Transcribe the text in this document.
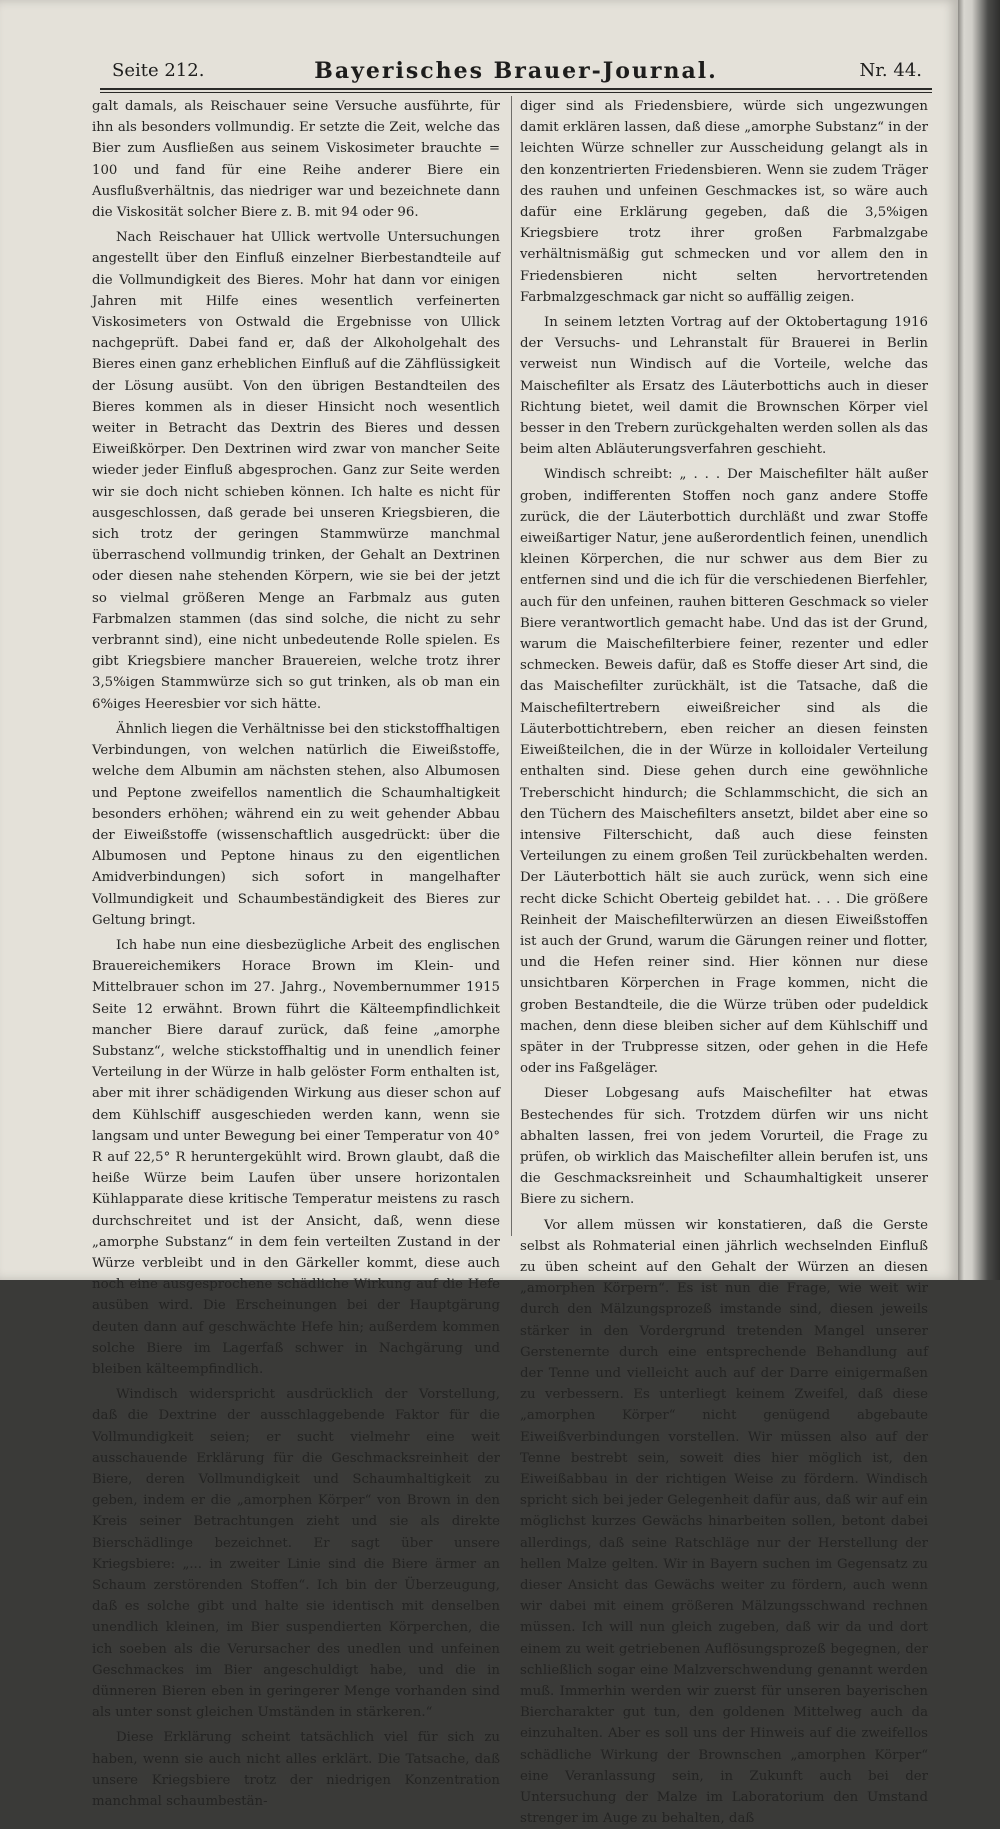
Seite 212.	Bayerisches Brauer-Journal.	Nr. 44.

galt damals, als Reischauer seine Versuche ausführte, für ihn als besonders vollmundig. Er setzte die Zeit, welche das Bier zum Ausfließen aus seinem Viskosimeter brauchte = 100 und fand für eine Reihe anderer Biere ein Ausflußverhältnis, das niedriger war und bezeichnete dann die Viskosität solcher Biere z. B. mit 94 oder 96.

Nach Reischauer hat Ullick wertvolle Untersuchungen angestellt über den Einfluß einzelner Bierbestandteile auf die Vollmundigkeit des Bieres. Mohr hat dann vor einigen Jahren mit Hilfe eines wesentlich verfeinerten Viskosimeters von Ostwald die Ergebnisse von Ullick nachgeprüft. Dabei fand er, daß der Alkoholgehalt des Bieres einen ganz erheblichen Einfluß auf die Zähflüssigkeit der Lösung ausübt. Von den übrigen Bestandteilen des Bieres kommen als in dieser Hinsicht noch wesentlich weiter in Betracht das Dextrin des Bieres und dessen Eiweißkörper. Den Dextrinen wird zwar von mancher Seite wieder jeder Einfluß abgesprochen. Ganz zur Seite werden wir sie doch nicht schieben können. Ich halte es nicht für ausgeschlossen, daß gerade bei unseren Kriegsbieren, die sich trotz der geringen Stammwürze manchmal überraschend vollmundig trinken, der Gehalt an Dextrinen oder diesen nahe stehenden Körpern, wie sie bei der jetzt so vielmal größeren Menge an Farbmalz aus guten Farbmalzen stammen (das sind solche, die nicht zu sehr verbrannt sind), eine nicht unbedeutende Rolle spielen. Es gibt Kriegsbiere mancher Brauereien, welche trotz ihrer 3,5%igen Stammwürze sich so gut trinken, als ob man ein 6%iges Heeresbier vor sich hätte.

Ähnlich liegen die Verhältnisse bei den stickstoffhaltigen Verbindungen, von welchen natürlich die Eiweißstoffe, welche dem Albumin am nächsten stehen, also Albumosen und Peptone zweifellos namentlich die Schaumhaltigkeit besonders erhöhen; während ein zu weit gehender Abbau der Eiweißstoffe (wissenschaftlich ausgedrückt: über die Albumosen und Peptone hinaus zu den eigentlichen Amidverbindungen) sich sofort in mangelhafter Vollmundigkeit und Schaumbeständigkeit des Bieres zur Geltung bringt.

Ich habe nun eine diesbezügliche Arbeit des englischen Brauereichemikers Horace Brown im Klein- und Mittelbrauer schon im 27. Jahrg., Novembernummer 1915 Seite 12 erwähnt. Brown führt die Kälteempfindlichkeit mancher Biere darauf zurück, daß feine „amorphe Substanz“, welche stickstoffhaltig und in unendlich feiner Verteilung in der Würze in halb gelöster Form enthalten ist, aber mit ihrer schädigenden Wirkung aus dieser schon auf dem Kühlschiff ausgeschieden werden kann, wenn sie langsam und unter Bewegung bei einer Temperatur von 40° R auf 22,5° R heruntergekühlt wird. Brown glaubt, daß die heiße Würze beim Laufen über unsere horizontalen Kühlapparate diese kritische Temperatur meistens zu rasch durchschreitet und ist der Ansicht, daß, wenn diese „amorphe Substanz“ in dem fein verteilten Zustand in der Würze verbleibt und in den Gärkeller kommt, diese auch noch eine ausgesprochene schädliche Wirkung auf die Hefe ausüben wird. Die Erscheinungen bei der Hauptgärung deuten dann auf geschwächte Hefe hin; außerdem kommen solche Biere im Lagerfaß schwer in Nachgärung und bleiben kälteempfindlich.

Windisch widerspricht ausdrücklich der Vorstellung, daß die Dextrine der ausschlaggebende Faktor für die Vollmundigkeit seien; er sucht vielmehr eine weit ausschauende Erklärung für die Geschmacksreinheit der Biere, deren Vollmundigkeit und Schaumhaltigkeit zu geben, indem er die „amorphen Körper“ von Brown in den Kreis seiner Betrachtungen zieht und sie als direkte Bierschädlinge bezeichnet. Er sagt über unsere Kriegsbiere: „... in zweiter Linie sind die Biere ärmer an Schaum zerstörenden Stoffen“. Ich bin der Überzeugung, daß es solche gibt und halte sie identisch mit denselben unendlich kleinen, im Bier suspendierten Körperchen, die ich soeben als die Verursacher des unedlen und unfeinen Geschmackes im Bier angeschuldigt habe, und die in dünneren Bieren eben in geringerer Menge vorhanden sind als unter sonst gleichen Umständen in stärkeren.“

Diese Erklärung scheint tatsächlich viel für sich zu haben, wenn sie auch nicht alles erklärt. Die Tatsache, daß unsere Kriegsbiere trotz der niedrigen Konzentration manchmal schaumbestän-

diger sind als Friedensbiere, würde sich ungezwungen damit erklären lassen, daß diese „amorphe Substanz“ in der leichten Würze schneller zur Ausscheidung gelangt als in den konzentrierten Friedensbieren. Wenn sie zudem Träger des rauhen und unfeinen Geschmackes ist, so wäre auch dafür eine Erklärung gegeben, daß die 3,5%igen Kriegsbiere trotz ihrer großen Farbmalzgabe verhältnismäßig gut schmecken und vor allem den in Friedensbieren nicht selten hervortretenden Farbmalzgeschmack gar nicht so auffällig zeigen.

In seinem letzten Vortrag auf der Oktobertagung 1916 der Versuchs- und Lehranstalt für Brauerei in Berlin verweist nun Windisch auf die Vorteile, welche das Maischefilter als Ersatz des Läuterbottichs auch in dieser Richtung bietet, weil damit die Brownschen Körper viel besser in den Trebern zurückgehalten werden sollen als das beim alten Abläuterungsverfahren geschieht.

Windisch schreibt: „ . . . Der Maischefilter hält außer groben, indifferenten Stoffen noch ganz andere Stoffe zurück, die der Läuterbottich durchläßt und zwar Stoffe eiweißartiger Natur, jene außerordentlich feinen, unendlich kleinen Körperchen, die nur schwer aus dem Bier zu entfernen sind und die ich für die verschiedenen Bierfehler, auch für den unfeinen, rauhen bitteren Geschmack so vieler Biere verantwortlich gemacht habe. Und das ist der Grund, warum die Maischefilterbiere feiner, rezenter und edler schmecken. Beweis dafür, daß es Stoffe dieser Art sind, die das Maischefilter zurückhält, ist die Tatsache, daß die Maischefiltertrebern eiweißreicher sind als die Läuterbottichtrebern, eben reicher an diesen feinsten Eiweißteilchen, die in der Würze in kolloidaler Verteilung enthalten sind. Diese gehen durch eine gewöhnliche Treberschicht hindurch; die Schlammschicht, die sich an den Tüchern des Maischefilters ansetzt, bildet aber eine so intensive Filterschicht, daß auch diese feinsten Verteilungen zu einem großen Teil zurückbehalten werden. Der Läuterbottich hält sie auch zurück, wenn sich eine recht dicke Schicht Oberteig gebildet hat. . . . Die größere Reinheit der Maischefilterwürzen an diesen Eiweißstoffen ist auch der Grund, warum die Gärungen reiner und flotter, und die Hefen reiner sind. Hier können nur diese unsichtbaren Körperchen in Frage kommen, nicht die groben Bestandteile, die die Würze trüben oder pudeldick machen, denn diese bleiben sicher auf dem Kühlschiff und später in der Trubpresse sitzen, oder gehen in die Hefe oder ins Faßgeläger.

Dieser Lobgesang aufs Maischefilter hat etwas Bestechendes für sich. Trotzdem dürfen wir uns nicht abhalten lassen, frei von jedem Vorurteil, die Frage zu prüfen, ob wirklich das Maischefilter allein berufen ist, uns die Geschmacksreinheit und Schaumhaltigkeit unserer Biere zu sichern.

Vor allem müssen wir konstatieren, daß die Gerste selbst als Rohmaterial einen jährlich wechselnden Einfluß zu üben scheint auf den Gehalt der Würzen an diesen „amorphen Körpern“. Es ist nun die Frage, wie weit wir durch den Mälzungsprozeß imstande sind, diesen jeweils stärker in den Vordergrund tretenden Mangel unserer Gerstenernte durch eine entsprechende Behandlung auf der Tenne und vielleicht auch auf der Darre einigermaßen zu verbessern. Es unterliegt keinem Zweifel, daß diese „amorphen Körper“ nicht genügend abgebaute Eiweißverbindungen vorstellen. Wir müssen also auf der Tenne bestrebt sein, soweit dies hier möglich ist, den Eiweißabbau in der richtigen Weise zu fördern. Windisch spricht sich bei jeder Gelegenheit dafür aus, daß wir auf ein möglichst kurzes Gewächs hinarbeiten sollen, betont dabei allerdings, daß seine Ratschläge nur der Herstellung der hellen Malze gelten. Wir in Bayern suchen im Gegensatz zu dieser Ansicht das Gewächs weiter zu fördern, auch wenn wir dabei mit einem größeren Mälzungsschwand rechnen müssen. Ich will nun gleich zugeben, daß wir da und dort einem zu weit getriebenen Auflösungsprozeß begegnen, der schließlich sogar eine Malzverschwendung genannt werden muß. Immerhin werden wir zuerst für unseren bayerischen Biercharakter gut tun, den goldenen Mittelweg auch da einzuhalten. Aber es soll uns der Hinweis auf die zweifellos schädliche Wirkung der Brownschen „amorphen Körper“ eine Veranlassung sein, in Zukunft auch bei der Untersuchung der Malze im Laboratorium den Umstand strenger im Auge zu behalten, daß
